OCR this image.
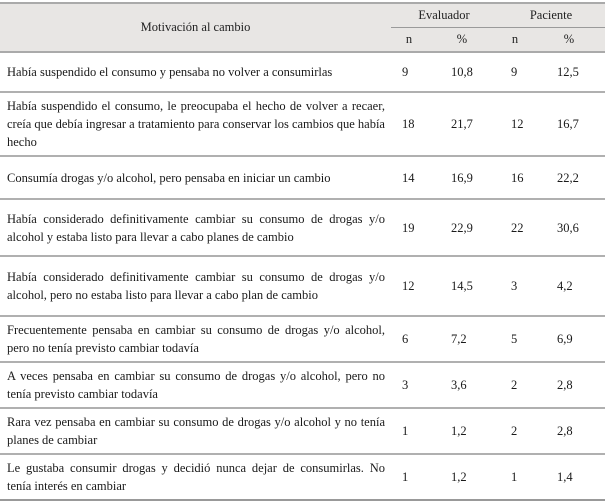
Motivación al cambio	Evaluador		Paciente	
	n	%	n	%
Había suspendido el consumo y pensaba no volver a consumirlas	9	10,8	9	12,5
Había suspendido el consumo, le preocupaba el hecho de volver a recaer, creía que debía ingresar a tratamiento para conservar los cambios que había hecho	18	21,7	12	16,7
Consumía drogas y/o alcohol, pero pensaba en iniciar un cambio	14	16,9	16	22,2
Había considerado definitivamente cambiar su consumo de drogas y/o alcohol y estaba listo para llevar a cabo planes de cambio	19	22,9	22	30,6
Había considerado definitivamente cambiar su consumo de drogas y/o alcohol, pero no estaba listo para llevar a cabo plan de cambio	12	14,5	3	4,2
Frecuentemente pensaba en cambiar su consumo de drogas y/o alcohol, pero no tenía previsto cambiar todavía	6	7,2	5	6,9
A veces pensaba en cambiar su consumo de drogas y/o alcohol, pero no tenía previsto cambiar todavía	3	3,6	2	2,8
Rara vez pensaba en cambiar su consumo de drogas y/o alcohol y no tenía planes de cambiar	1	1,2	2	2,8
Le gustaba consumir drogas y decidió nunca dejar de consumirlas. No tenía interés en cambiar	1	1,2	1	1,4
